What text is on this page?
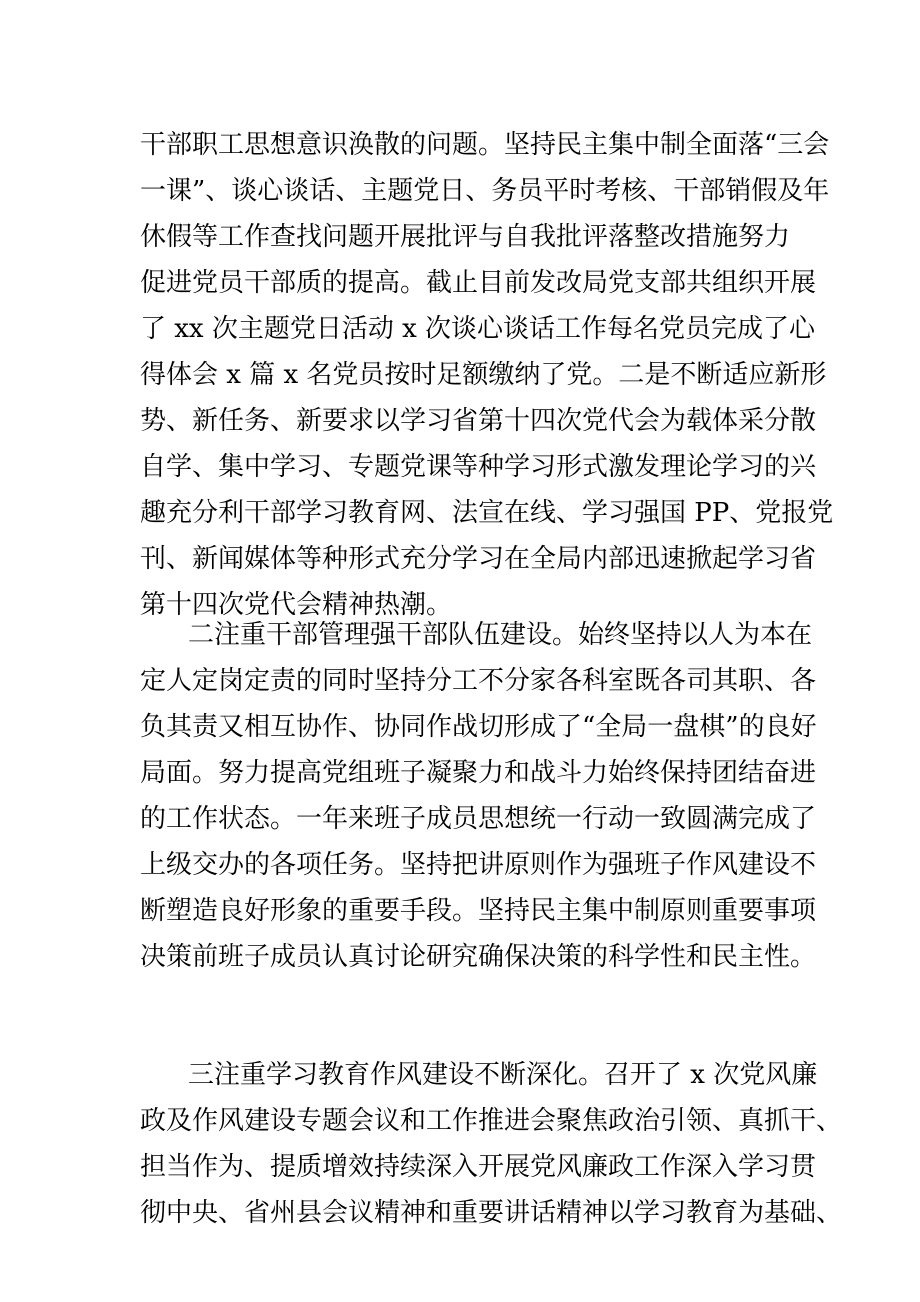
干部职工思想意识涣散的问题。坚持民主集中制全面落“三会
一课”、谈心谈话、主题党日、务员平时考核、干部销假及年
休假等工作查找问题开展批评与自我批评落整改措施努力
促进党员干部质的提高。截止目前发改局党支部共组织开展
了 xx 次主题党日活动 x 次谈心谈话工作每名党员完成了心
得体会 x 篇 x 名党员按时足额缴纳了党。二是不断适应新形
势、新任务、新要求以学习省第十四次党代会为载体采分散
自学、集中学习、专题党课等种学习形式激发理论学习的兴
趣充分利干部学习教育网、法宣在线、学习强国 PP、党报党
刊、新闻媒体等种形式充分学习在全局内部迅速掀起学习省
第十四次党代会精神热潮。
二注重干部管理强干部队伍建设。始终坚持以人为本在
定人定岗定责的同时坚持分工不分家各科室既各司其职、各
负其责又相互协作、协同作战切形成了“全局一盘棋”的良好
局面。努力提高党组班子凝聚力和战斗力始终保持团结奋进
的工作状态。一年来班子成员思想统一行动一致圆满完成了
上级交办的各项任务。坚持把讲原则作为强班子作风建设不
断塑造良好形象的重要手段。坚持民主集中制原则重要事项
决策前班子成员认真讨论研究确保决策的科学性和民主性。
三注重学习教育作风建设不断深化。召开了 x 次党风廉
政及作风建设专题会议和工作推进会聚焦政治引领、真抓干、
担当作为、提质增效持续深入开展党风廉政工作深入学习贯
彻中央、省州县会议精神和重要讲话精神以学习教育为基础、
